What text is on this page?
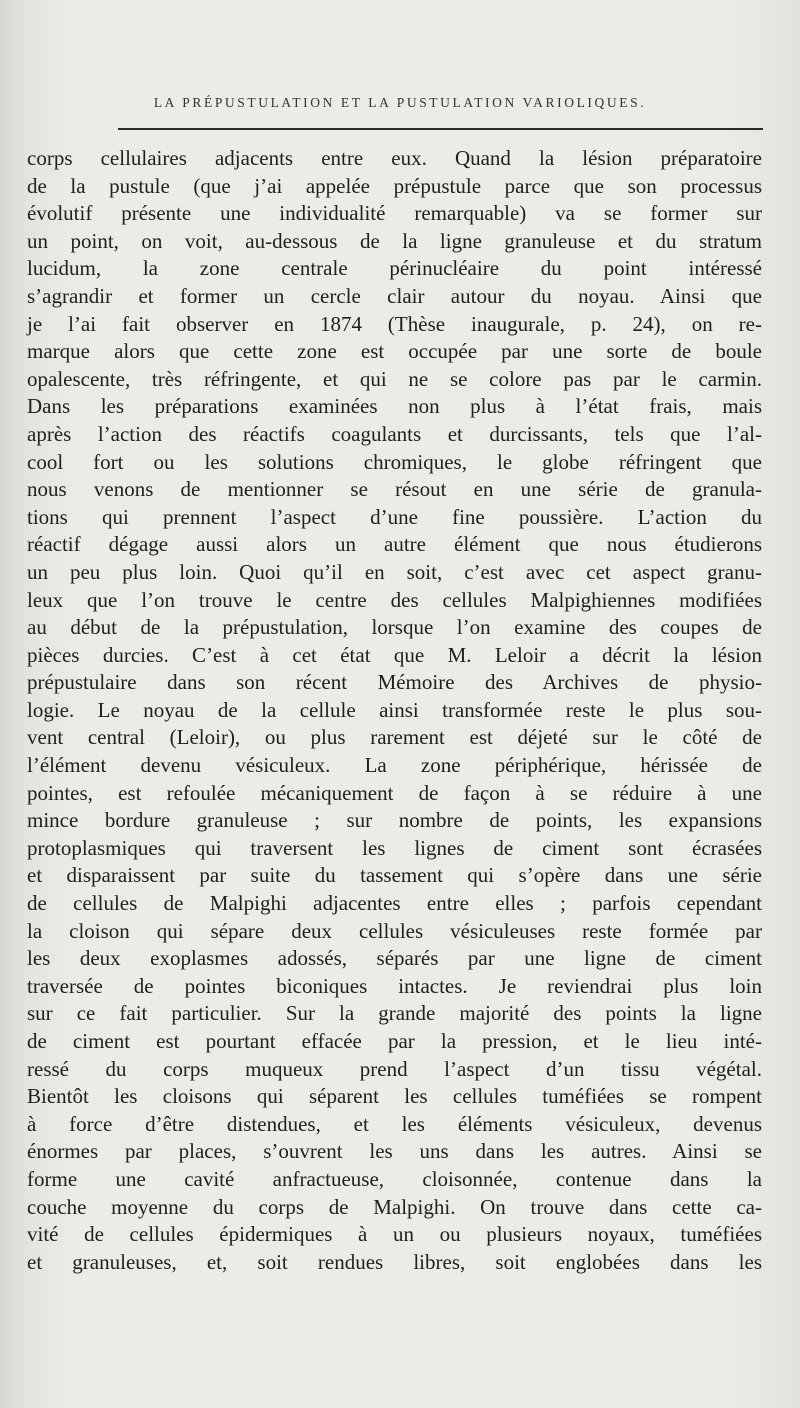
LA PRÉPUSTULATION ET LA PUSTULATION VARIOLIQUES.
corps cellulaires adjacents entre eux. Quand la lésion préparatoire
de la pustule (que j’ai appelée prépustule parce que son processus
évolutif présente une individualité remarquable) va se former sur
un point, on voit, au-dessous de la ligne granuleuse et du stratum
lucidum, la zone centrale périnucléaire du point intéressé
s’agrandir et former un cercle clair autour du noyau. Ainsi que
je l’ai fait observer en 1874 (Thèse inaugurale, p. 24), on re-
marque alors que cette zone est occupée par une sorte de boule
opalescente, très réfringente, et qui ne se colore pas par le carmin.
Dans les préparations examinées non plus à l’état frais, mais
après l’action des réactifs coagulants et durcissants, tels que l’al-
cool fort ou les solutions chromiques, le globe réfringent que
nous venons de mentionner se résout en une série de granula-
tions qui prennent l’aspect d’une fine poussière. L’action du
réactif dégage aussi alors un autre élément que nous étudierons
un peu plus loin. Quoi qu’il en soit, c’est avec cet aspect granu-
leux que l’on trouve le centre des cellules Malpighiennes modifiées
au début de la prépustulation, lorsque l’on examine des coupes de
pièces durcies. C’est à cet état que M. Leloir a décrit la lésion
prépustulaire dans son récent Mémoire des Archives de physio-
logie. Le noyau de la cellule ainsi transformée reste le plus sou-
vent central (Leloir), ou plus rarement est déjeté sur le côté de
l’élément devenu vésiculeux. La zone périphérique, hérissée de
pointes, est refoulée mécaniquement de façon à se réduire à une
mince bordure granuleuse ; sur nombre de points, les expansions
protoplasmiques qui traversent les lignes de ciment sont écrasées
et disparaissent par suite du tassement qui s’opère dans une série
de cellules de Malpighi adjacentes entre elles ; parfois cependant
la cloison qui sépare deux cellules vésiculeuses reste formée par
les deux exoplasmes adossés, séparés par une ligne de ciment
traversée de pointes biconiques intactes. Je reviendrai plus loin
sur ce fait particulier. Sur la grande majorité des points la ligne
de ciment est pourtant effacée par la pression, et le lieu inté-
ressé du corps muqueux prend l’aspect d’un tissu végétal.
Bientôt les cloisons qui séparent les cellules tuméfiées se rompent
à force d’être distendues, et les éléments vésiculeux, devenus
énormes par places, s’ouvrent les uns dans les autres. Ainsi se
forme une cavité anfractueuse, cloisonnée, contenue dans la
couche moyenne du corps de Malpighi. On trouve dans cette ca-
vité de cellules épidermiques à un ou plusieurs noyaux, tuméfiées
et granuleuses, et, soit rendues libres, soit englobées dans les
